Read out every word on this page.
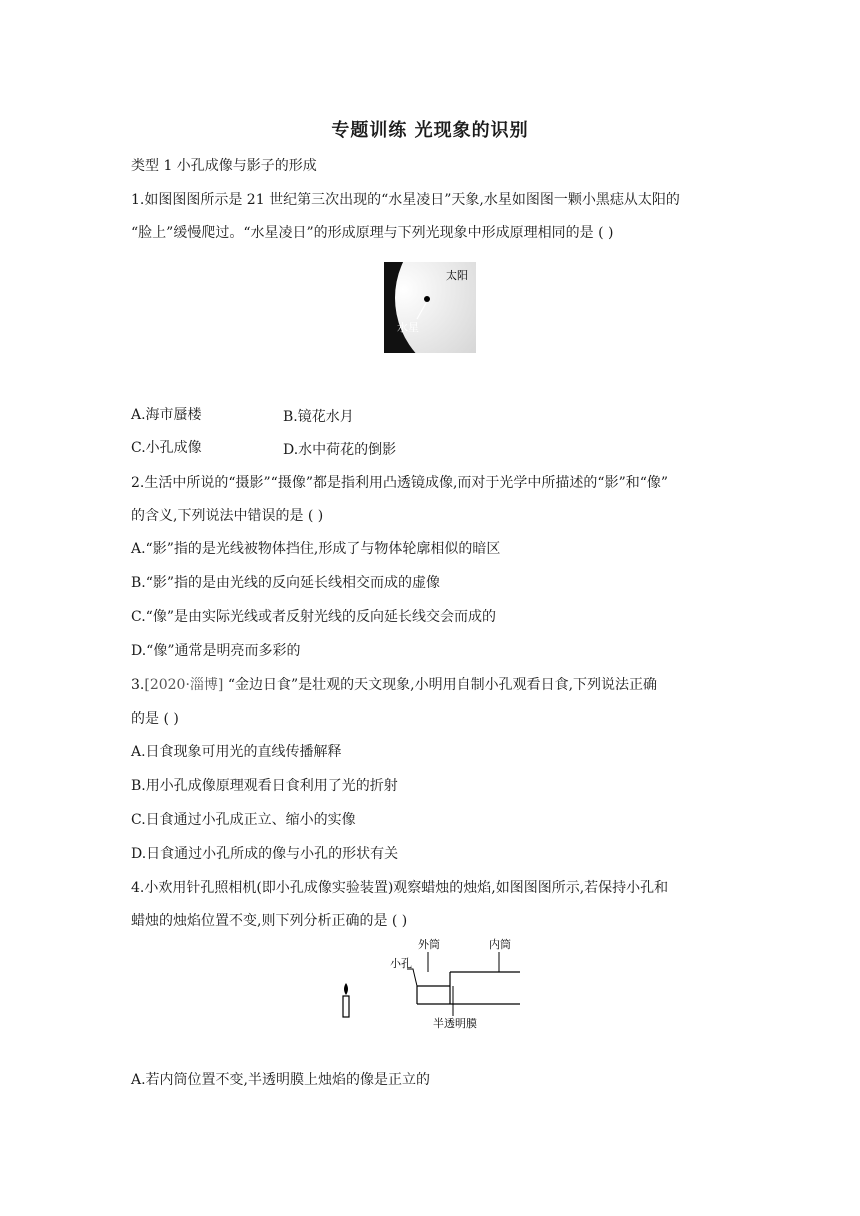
专题训练 光现象的识别
类型 1 小孔成像与影子的形成
1.如图图图所示是 21 世纪第三次出现的“水星凌日”天象,水星如图图一颗小黑痣从太阳的
“脸上”缓慢爬过。“水星凌日”的形成原理与下列光现象中形成原理相同的是 ( )
太阳
水星
A.海市蜃楼	B.镜花水月
C.小孔成像	D.水中荷花的倒影
2.生活中所说的“摄影”“摄像”都是指利用凸透镜成像,而对于光学中所描述的“影”和“像”
的含义,下列说法中错误的是 ( )
A.“影”指的是光线被物体挡住,形成了与物体轮廓相似的暗区
B.“影”指的是由光线的反向延长线相交而成的虚像
C.“像”是由实际光线或者反射光线的反向延长线交会而成的
D.“像”通常是明亮而多彩的
3.[2020·淄博] “金边日食”是壮观的天文现象,小明用自制小孔观看日食,下列说法正确
的是 ( )
A.日食现象可用光的直线传播解释
B.用小孔成像原理观看日食利用了光的折射
C.日食通过小孔成正立、缩小的实像
D.日食通过小孔所成的像与小孔的形状有关
4.小欢用针孔照相机(即小孔成像实验装置)观察蜡烛的烛焰,如图图图所示,若保持小孔和
蜡烛的烛焰位置不变,则下列分析正确的是 ( )
外筒	内筒
小孔
半透明膜
A.若内筒位置不变,半透明膜上烛焰的像是正立的
